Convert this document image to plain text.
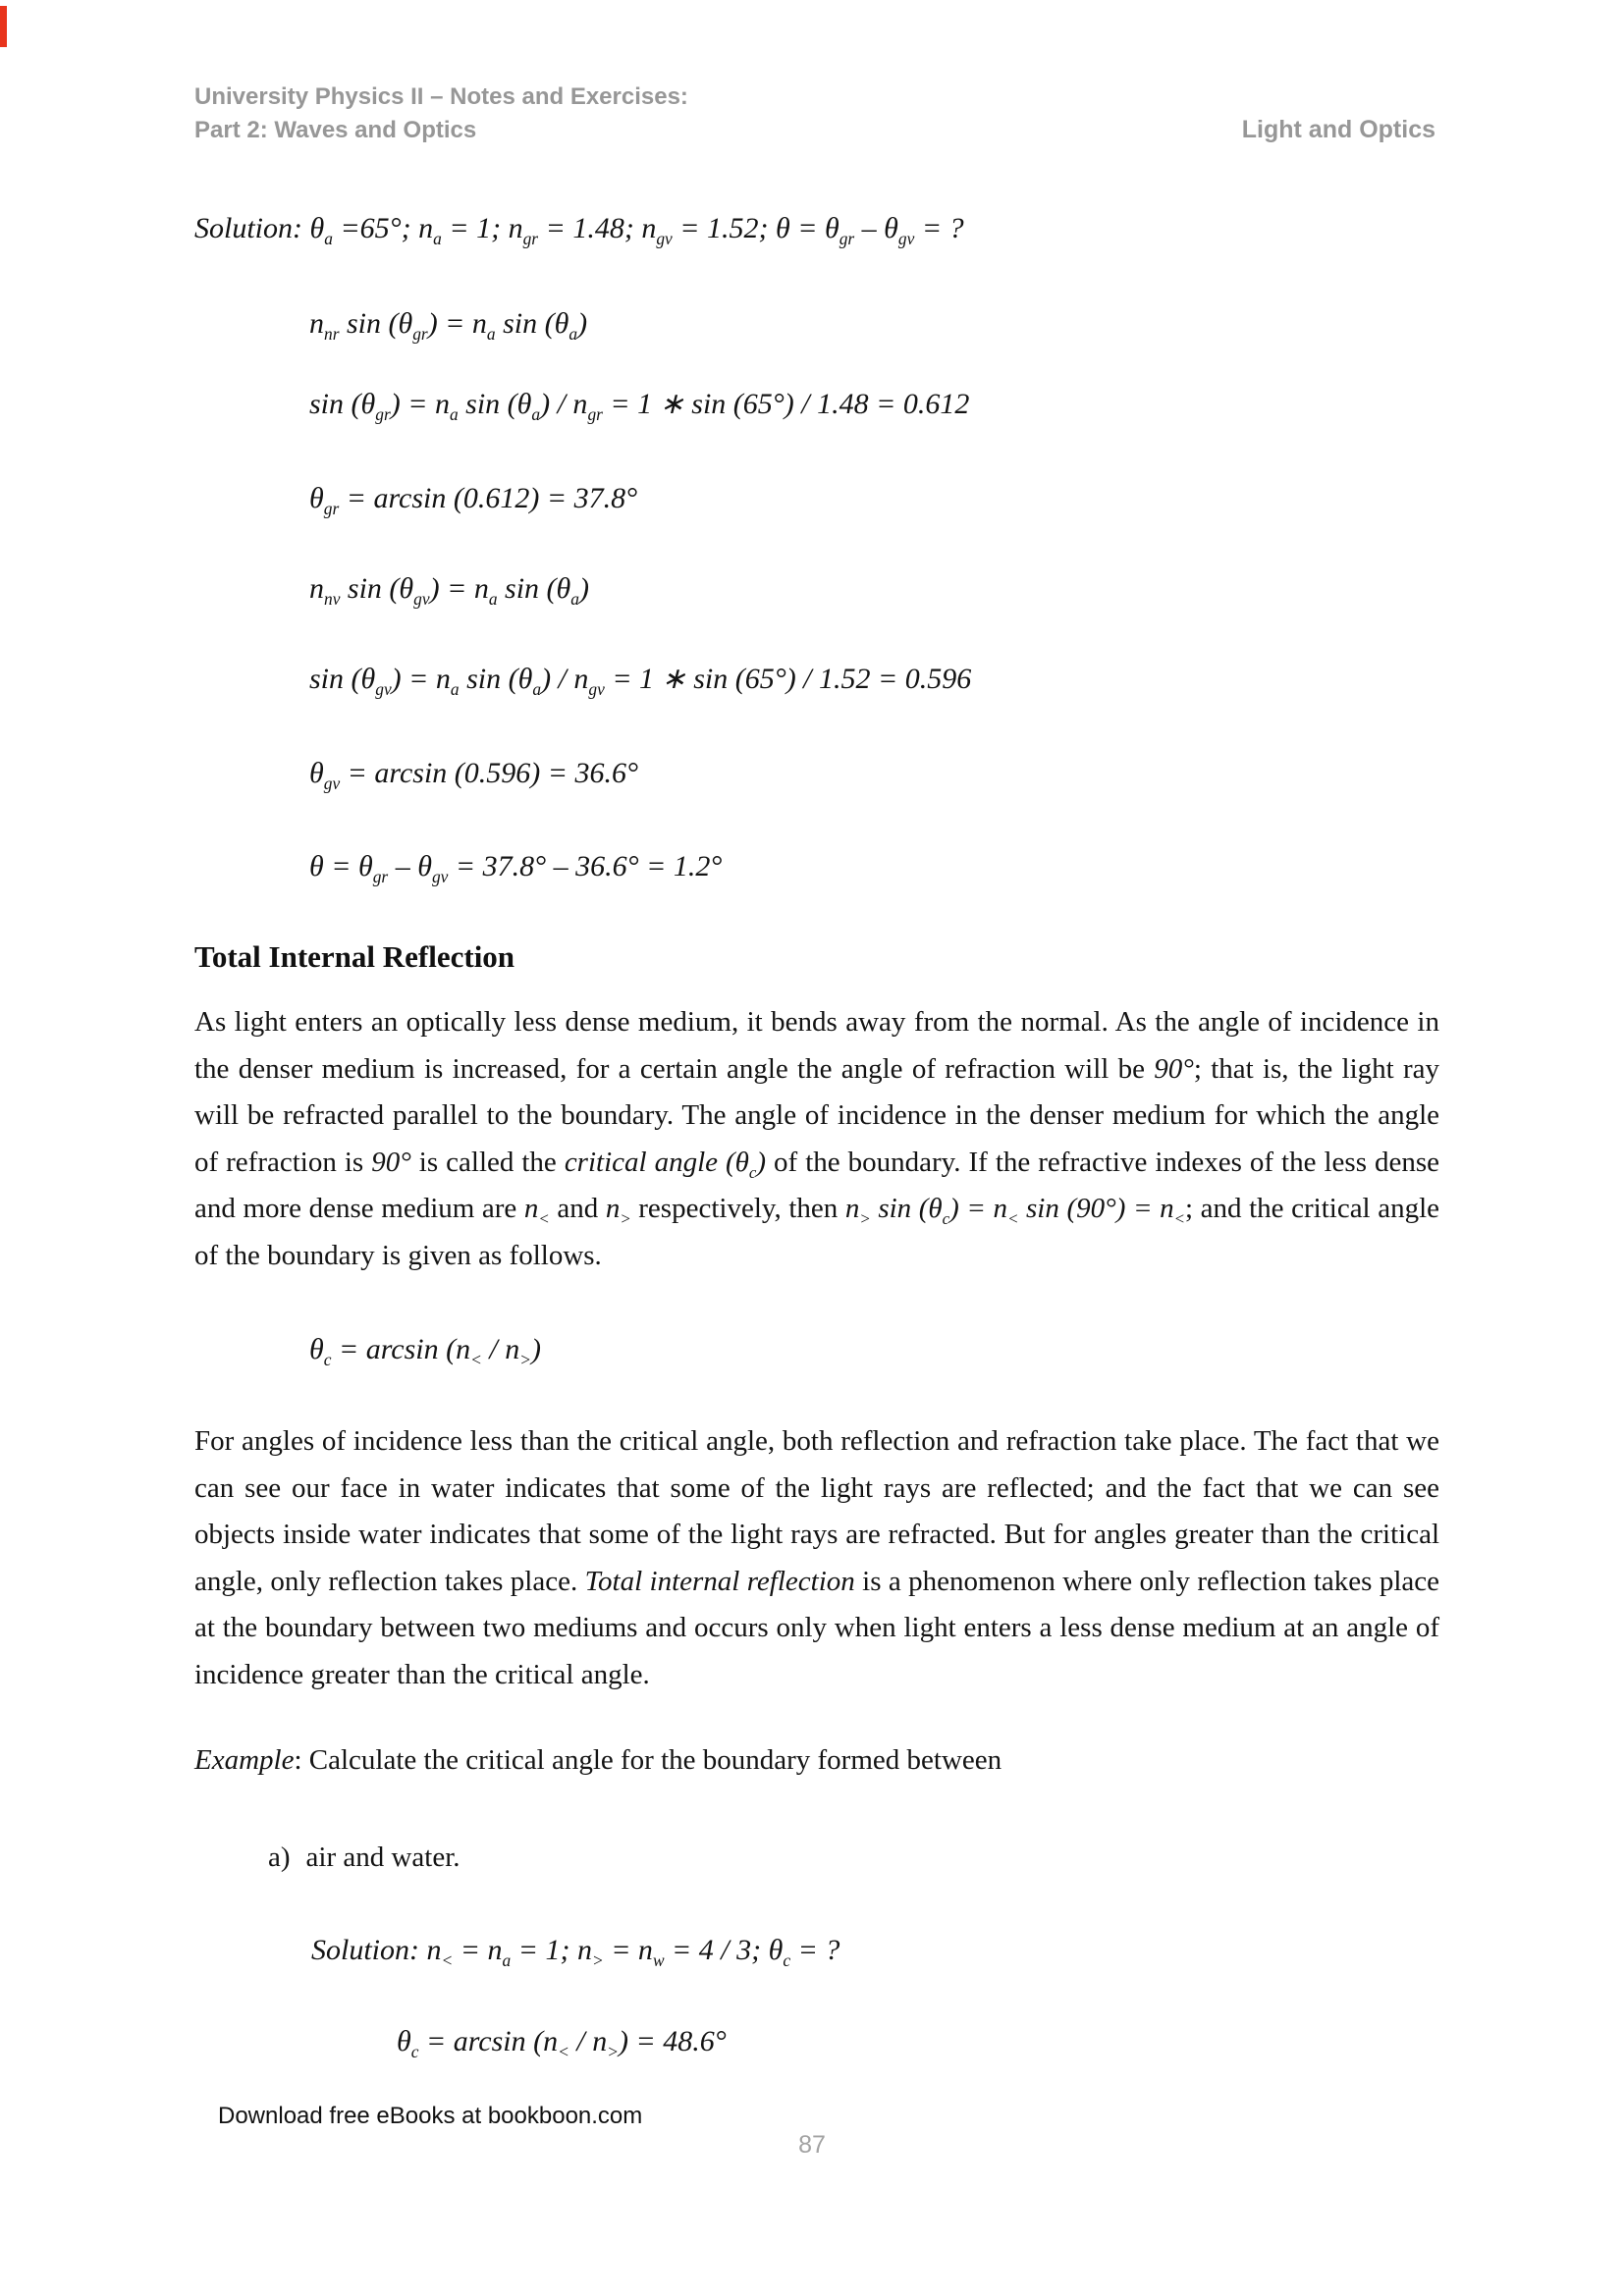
University Physics II – Notes and Exercises:
Part 2: Waves and Optics	Light and Optics
Solution: $\theta_a =65^\circ$; $n_a = 1$; $n_{gr} = 1.48$; $n_{gv} = 1.52$; $\theta = \theta_{gr} - \theta_{gv}$ = ?
$n_{nr}$ $\sin (\theta_{gr}) = n_a$ $\sin (\theta_a)$
$\sin (\theta_{gr}) = n_a$ $\sin (\theta_a) / n_{gr} = 1$ ∗ sin (65°) / 1.48 = 0.612
$\theta_{gr} = \arcsin (0.612) = 37.8^\circ$
$n_{nv}$ $\sin (\theta_{gv}) = n_a$ $\sin (\theta_a)$
$\sin (\theta_{gv}) = n_a$ $\sin (\theta_a) / n_{gv} = 1$ ∗ sin (65°) / 1.52 = 0.596
$\theta_{gv} = \arcsin (0.596) = 36.6^\circ$
$\theta = \theta_{gr} - \theta_{gv} = 37.8^\circ - 36.6^\circ = 1.2^\circ$
Total Internal Reflection
As light enters an optically less dense medium, it bends away from the normal. As the angle of incidence in the denser medium is increased, for a certain angle the angle of refraction will be 90°; that is, the light ray will be refracted parallel to the boundary. The angle of incidence in the denser medium for which the angle of refraction is 90° is called the critical angle $(\theta_c)$ of the boundary. If the refractive indexes of the less dense and more dense medium are $n_<$ and $n_>$ respectively, then $n_>$ $\sin (\theta_c) = n_<$ $\sin (90^\circ) = n_<$; and the critical angle of the boundary is given as follows.
$\theta_c = \arcsin (n_< / n_>)$
For angles of incidence less than the critical angle, both reflection and refraction take place. The fact that we can see our face in water indicates that some of the light rays are reflected; and the fact that we can see objects inside water indicates that some of the light rays are refracted. But for angles greater than the critical angle, only reflection takes place. Total internal reflection is a phenomenon where only reflection takes place at the boundary between two mediums and occurs only when light enters a less dense medium at an angle of incidence greater than the critical angle.
Example: Calculate the critical angle for the boundary formed between
a) air and water.
Solution: $n_< = n_a = 1$; $n_> = n_w = 4 / 3$; $\theta_c$ = ?
$\theta_c = \arcsin (n_< / n_>) = 48.6^\circ$
Download free eBooks at bookboon.com
87
